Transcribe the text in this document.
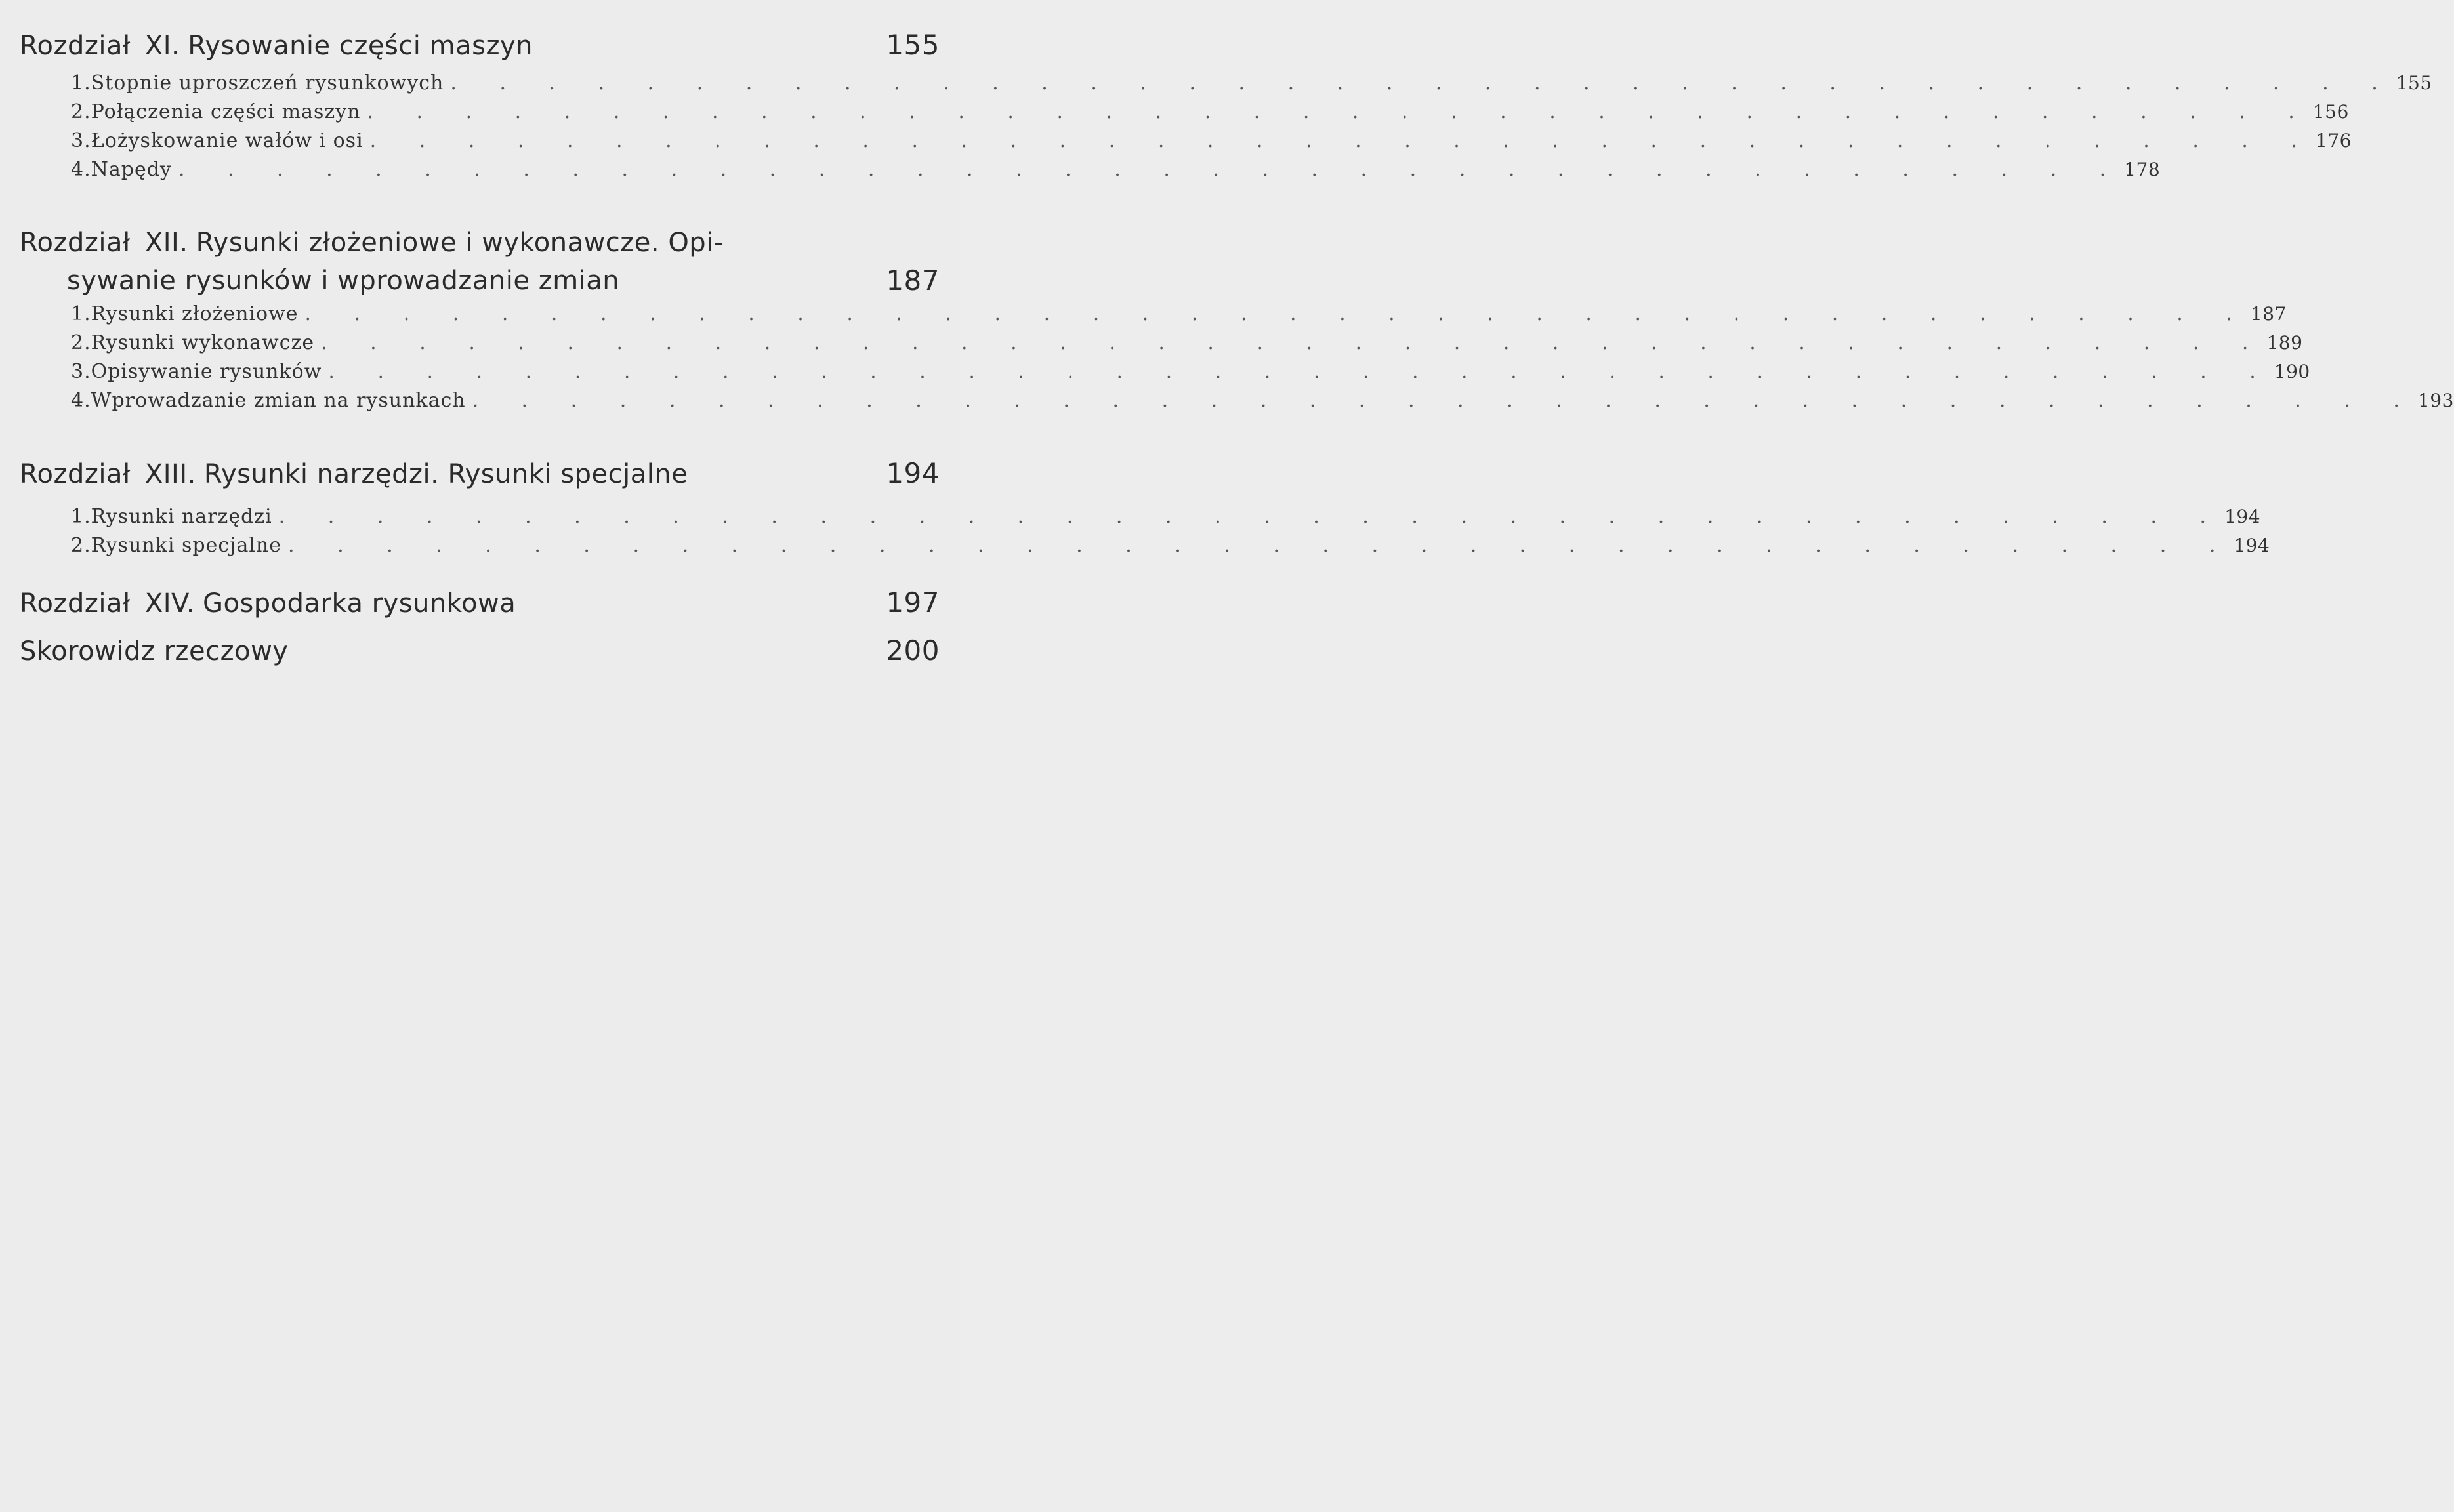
Rozdział XI. Rysowanie części maszyn	155
1. Stopnie uproszczeń rysunkowych . . . . . . . . . . . . . . . . . . . . . . . . . . . . . . . . . . . . . . . . 155
2. Połączenia części maszyn . . . . . . . . . . . . . . . . . . . . . . . . . . . . . . . . . . . . . . . . 156
3. Łożyskowanie wałów i osi . . . . . . . . . . . . . . . . . . . . . . . . . . . . . . . . . . . . . . . . 176
4. Napędy . . . . . . . . . . . . . . . . . . . . . . . . . . . . . . . . . . . . . . . . 178
Rozdział XII. Rysunki złożeniowe i wykonawcze. Opi-
sywanie rysunków i wprowadzanie zmian	187
1. Rysunki złożeniowe . . . . . . . . . . . . . . . . . . . . . . . . . . . . . . . . . . . . . . . . 187
2. Rysunki wykonawcze . . . . . . . . . . . . . . . . . . . . . . . . . . . . . . . . . . . . . . . . 189
3. Opisywanie rysunków . . . . . . . . . . . . . . . . . . . . . . . . . . . . . . . . . . . . . . . . 190
4. Wprowadzanie zmian na rysunkach . . . . . . . . . . . . . . . . . . . . . . . . . . . . . . . . . . . . . . . . 193
Rozdział XIII. Rysunki narzędzi. Rysunki specjalne	194
1. Rysunki narzędzi . . . . . . . . . . . . . . . . . . . . . . . . . . . . . . . . . . . . . . . . 194
2. Rysunki specjalne . . . . . . . . . . . . . . . . . . . . . . . . . . . . . . . . . . . . . . . . 194
Rozdział XIV. Gospodarka rysunkowa	197
Skorowidz rzeczowy	200
